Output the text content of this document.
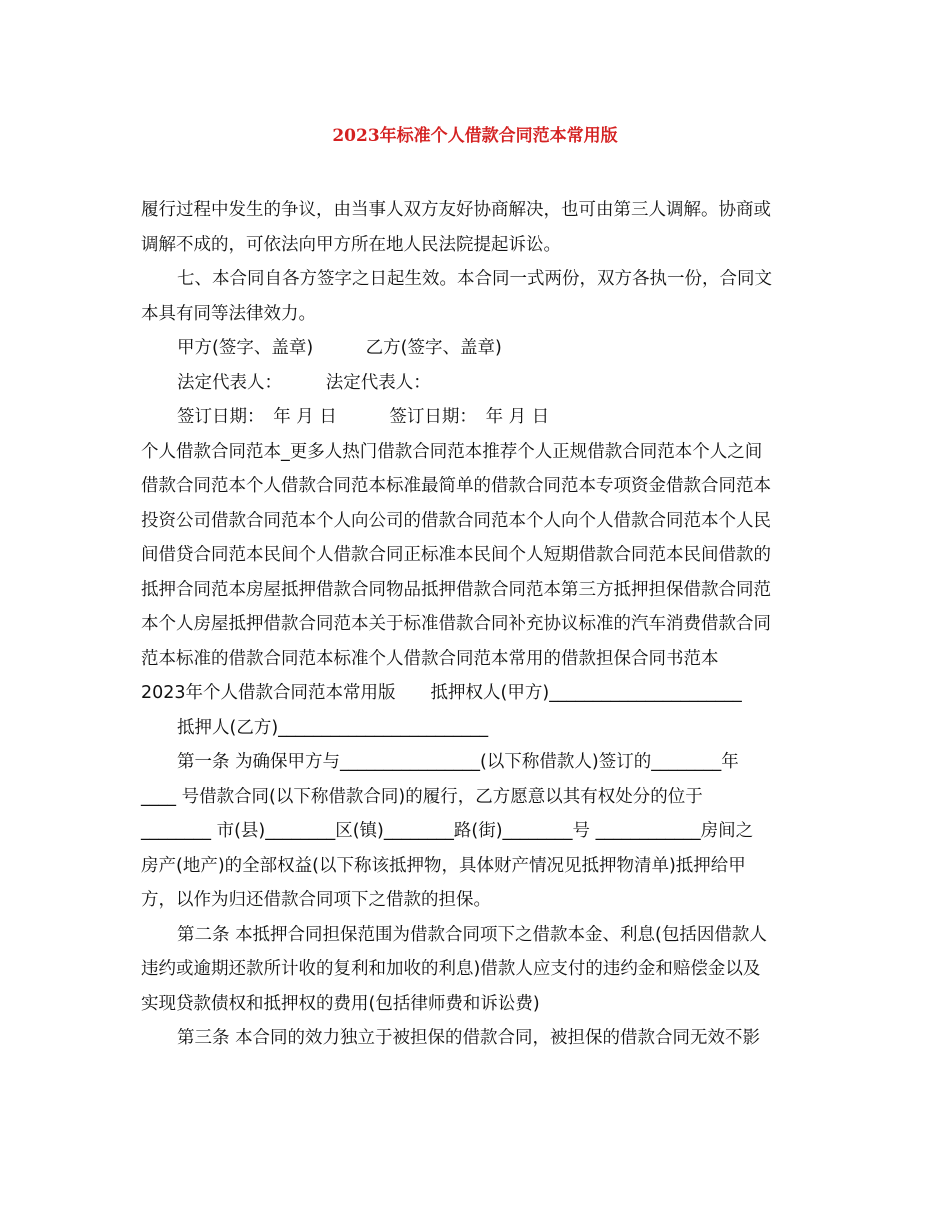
2023年标准个人借款合同范本常用版
履行过程中发生的争议，由当事人双方友好协商解决，也可由第三人调解。协商或
调解不成的，可依法向甲方所在地人民法院提起诉讼。
七、本合同自各方签字之日起生效。本合同一式两份，双方各执一份，合同文
本具有同等法律效力。
甲方(签字、盖章)　　　乙方(签字、盖章)
法定代表人：　　　法定代表人：
签订日期：　年 月 日　　　签订日期：　年 月 日
个人借款合同范本_更多人热门借款合同范本推荐个人正规借款合同范本个人之间
借款合同范本个人借款合同范本标准最简单的借款合同范本专项资金借款合同范本
投资公司借款合同范本个人向公司的借款合同范本个人向个人借款合同范本个人民
间借贷合同范本民间个人借款合同正标准本民间个人短期借款合同范本民间借款的
抵押合同范本房屋抵押借款合同物品抵押借款合同范本第三方抵押担保借款合同范
本个人房屋抵押借款合同范本关于标准借款合同补充协议标准的汽车消费借款合同
范本标准的借款合同范本标准个人借款合同范本常用的借款担保合同书范本
2023年个人借款合同范本常用版　　抵押权人(甲方)______________________
抵押人(乙方)________________________
第一条 为确保甲方与________________(以下称借款人)签订的________年
____ 号借款合同(以下称借款合同)的履行，乙方愿意以其有权处分的位于
________ 市(县)________区(镇)________路(街)________号 ____________房间之
房产(地产)的全部权益(以下称该抵押物，具体财产情况见抵押物清单)抵押给甲
方，以作为归还借款合同项下之借款的担保。
第二条 本抵押合同担保范围为借款合同项下之借款本金、利息(包括因借款人
违约或逾期还款所计收的复利和加收的利息)借款人应支付的违约金和赔偿金以及
实现贷款债权和抵押权的费用(包括律师费和诉讼费)
第三条 本合同的效力独立于被担保的借款合同，被担保的借款合同无效不影
